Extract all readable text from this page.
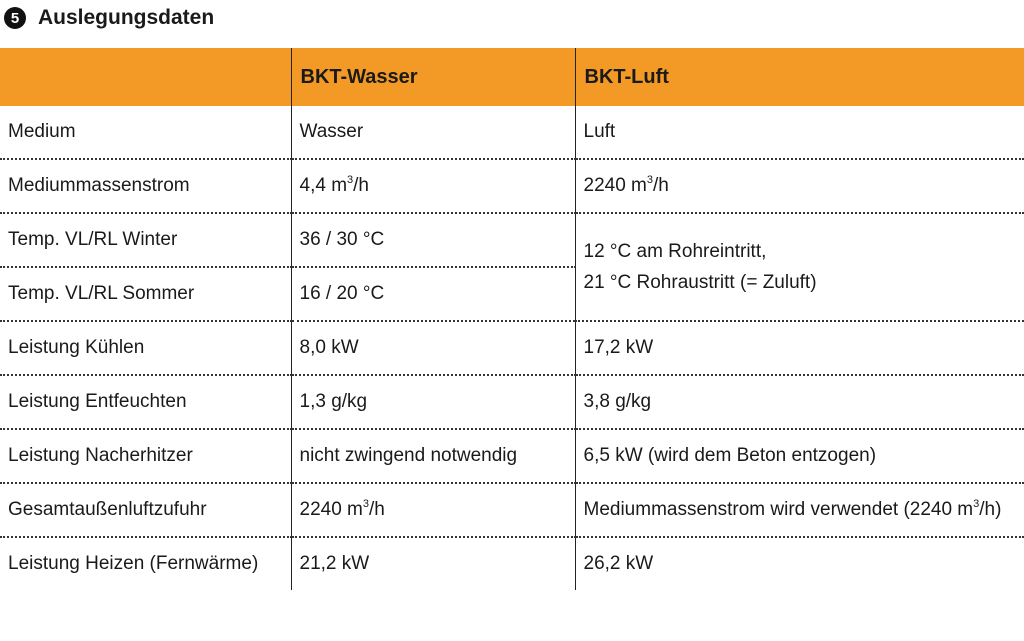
5 Auslegungsdaten
	BKT-Wasser	BKT-Luft
Medium	Wasser	Luft
Mediummassenstrom	4,4 $m^3/h$	2240 $m^3/h$
Temp. VL/RL Winter	36 / 30 °C	12 °C am Rohreintritt,
21 °C Rohraustritt (= Zuluft)

Temp. VL/RL Sommer	16 / 20 °C	
Leistung Kühlen	8,0 kW	17,2 kW
Leistung Entfeuchten	1,3 g/kg	3,8 g/kg
Leistung Nacherhitzer	nicht zwingend notwendig	6,5 kW (wird dem Beton entzogen)
Gesamtaußenluftzufuhr	2240 $m^3/h$	Mediummassenstrom wird verwendet (2240 $m^3/h$)
Leistung Heizen (Fernwärme)	21,2 kW	26,2 kW
